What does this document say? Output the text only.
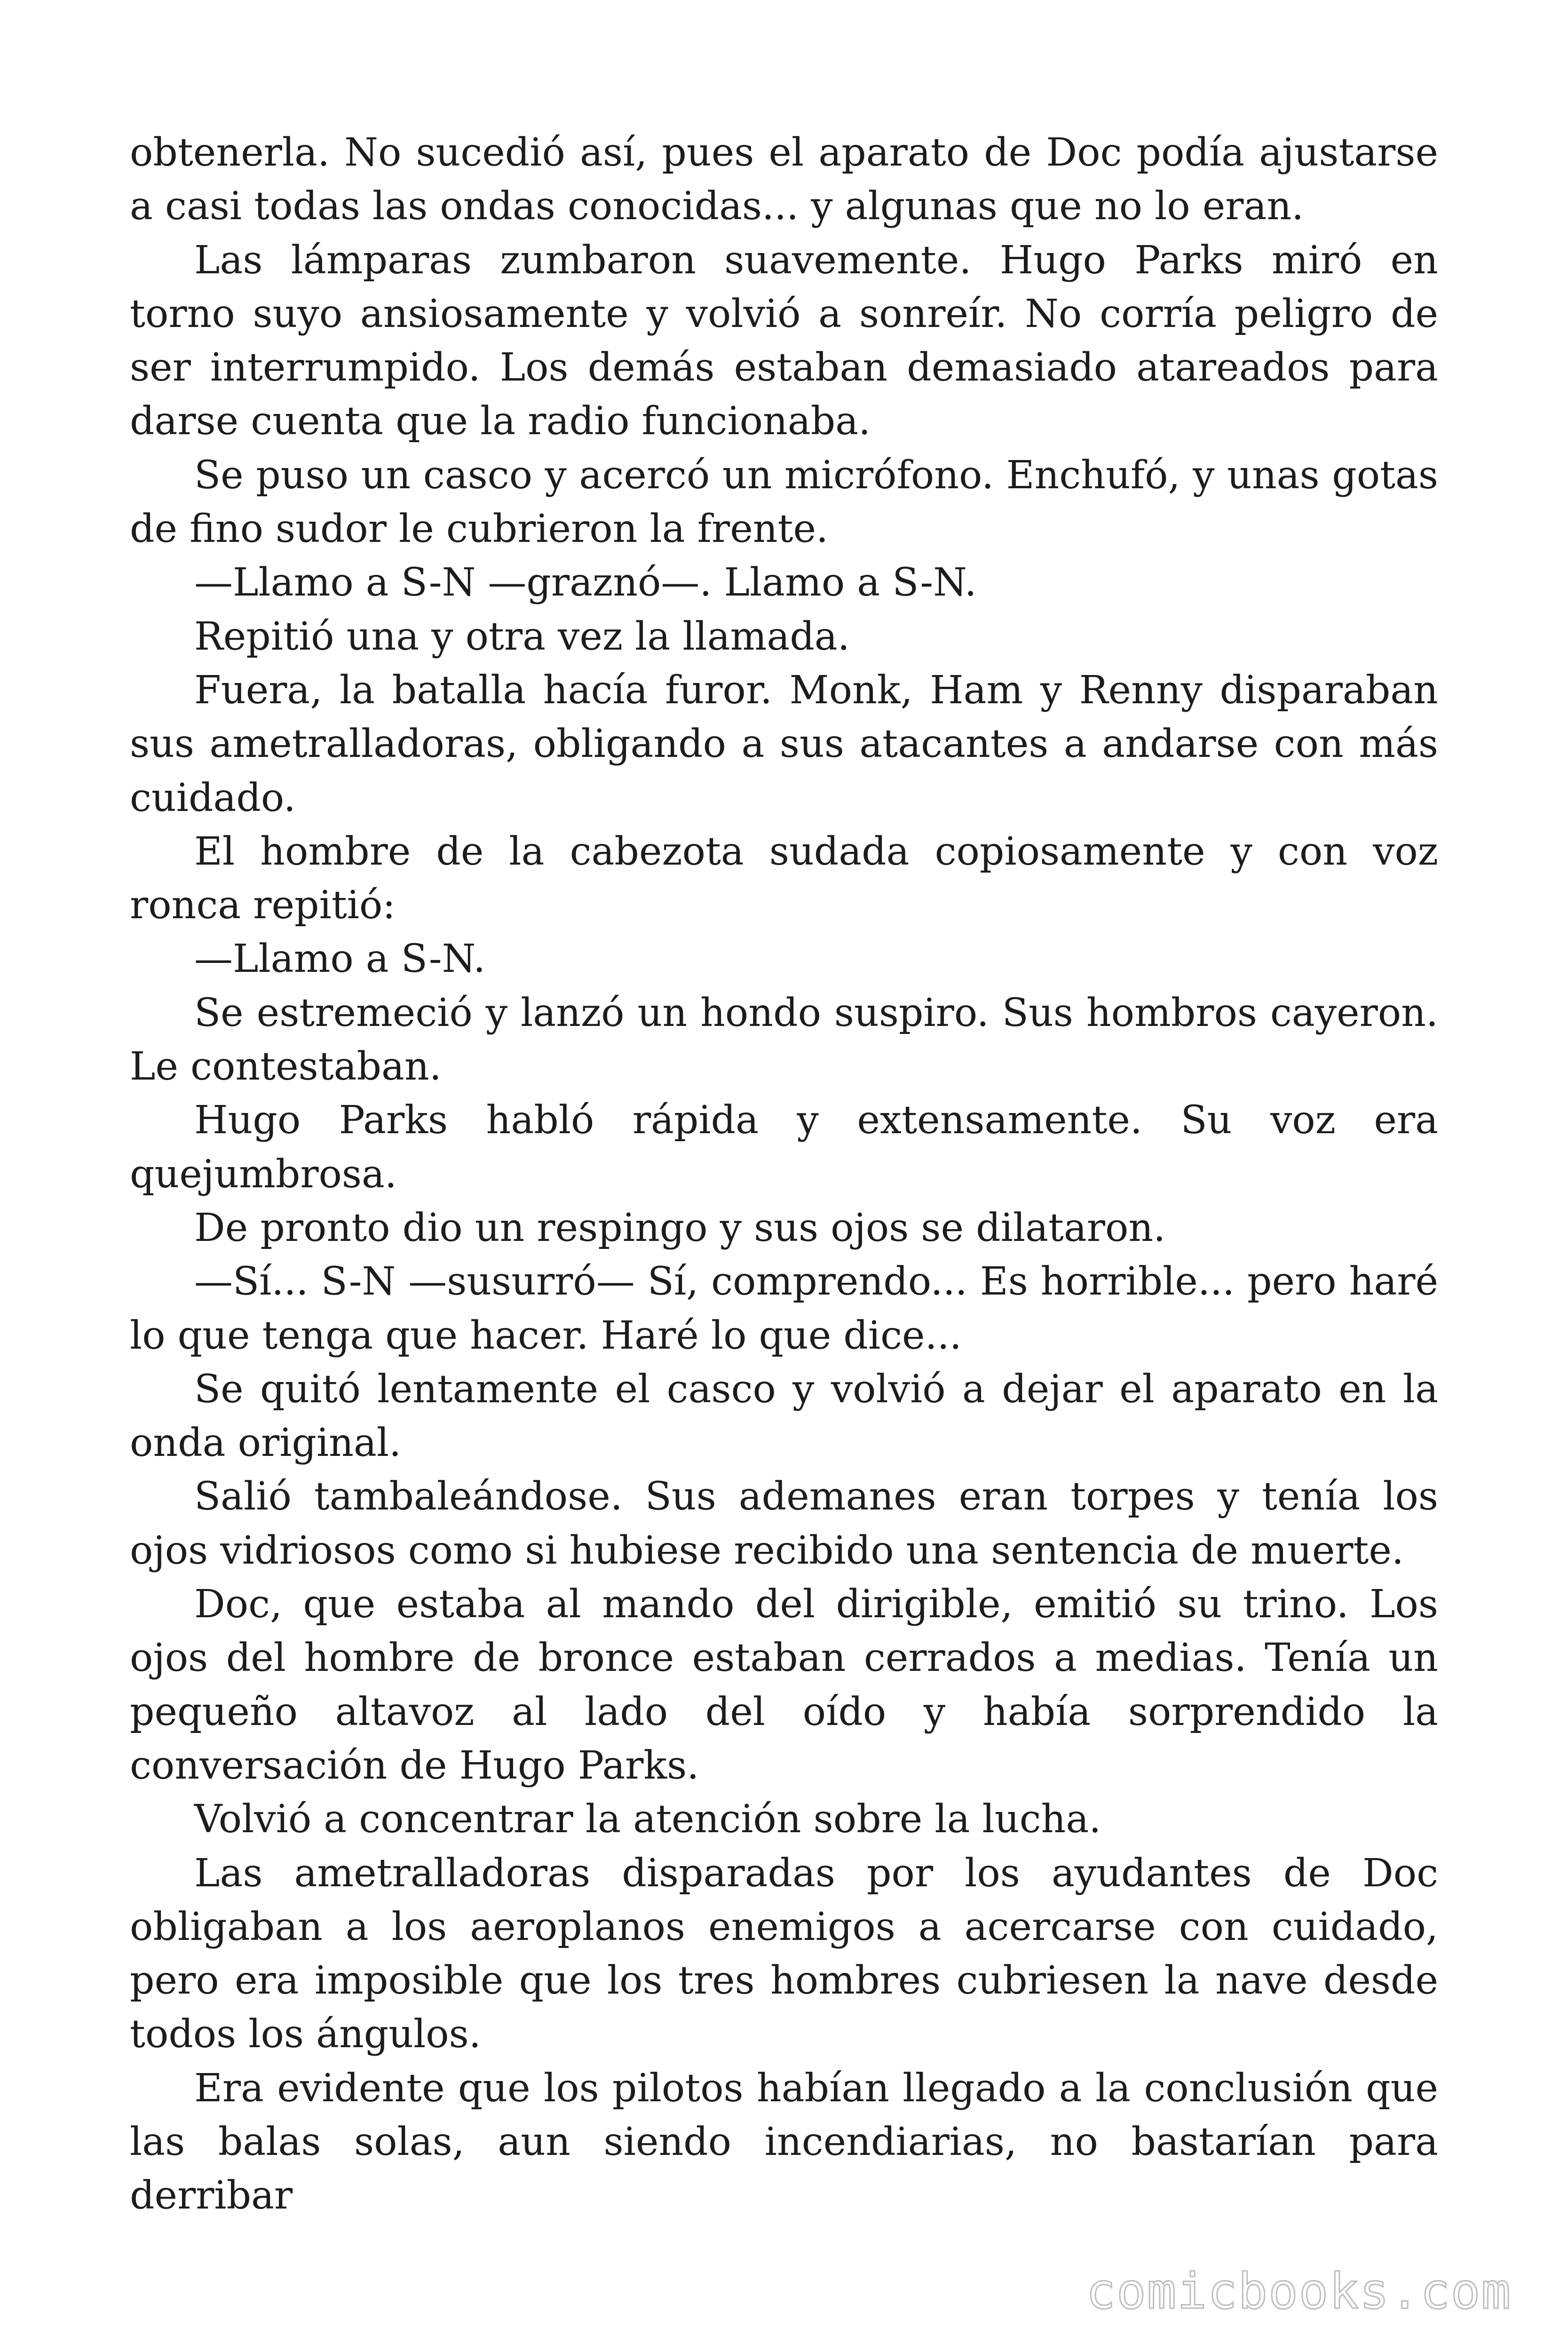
obtenerla. No sucedió así, pues el aparato de Doc podía ajustarse a casi todas las ondas conocidas... y algunas que no lo eran.

Las lámparas zumbaron suavemente. Hugo Parks miró en torno suyo ansiosamente y volvió a sonreír. No corría peligro de ser interrumpido. Los demás estaban demasiado atareados para darse cuenta que la radio funcionaba.

Se puso un casco y acercó un micrófono. Enchufó, y unas gotas de fino sudor le cubrieron la frente.

—Llamo a S-N —graznó—. Llamo a S-N.

Repitió una y otra vez la llamada.

Fuera, la batalla hacía furor. Monk, Ham y Renny disparaban sus ametralladoras, obligando a sus atacantes a andarse con más cuidado.

El hombre de la cabezota sudada copiosamente y con voz ronca repitió:

—Llamo a S-N.

Se estremeció y lanzó un hondo suspiro. Sus hombros cayeron. Le contestaban.

Hugo Parks habló rápida y extensamente. Su voz era quejumbrosa.

De pronto dio un respingo y sus ojos se dilataron.

—Sí... S-N —susurró— Sí, comprendo... Es horrible... pero haré lo que tenga que hacer. Haré lo que dice...

Se quitó lentamente el casco y volvió a dejar el aparato en la onda original.

Salió tambaleándose. Sus ademanes eran torpes y tenía los ojos vidriosos como si hubiese recibido una sentencia de muerte.

Doc, que estaba al mando del dirigible, emitió su trino. Los ojos del hombre de bronce estaban cerrados a medias. Tenía un pequeño altavoz al lado del oído y había sorprendido la conversación de Hugo Parks.

Volvió a concentrar la atención sobre la lucha.

Las ametralladoras disparadas por los ayudantes de Doc obligaban a los aeroplanos enemigos a acercarse con cuidado, pero era imposible que los tres hombres cubriesen la nave desde todos los ángulos.

Era evidente que los pilotos habían llegado a la conclusión que las balas solas, aun siendo incendiarias, no bastarían para derribar

comicbooks.com
